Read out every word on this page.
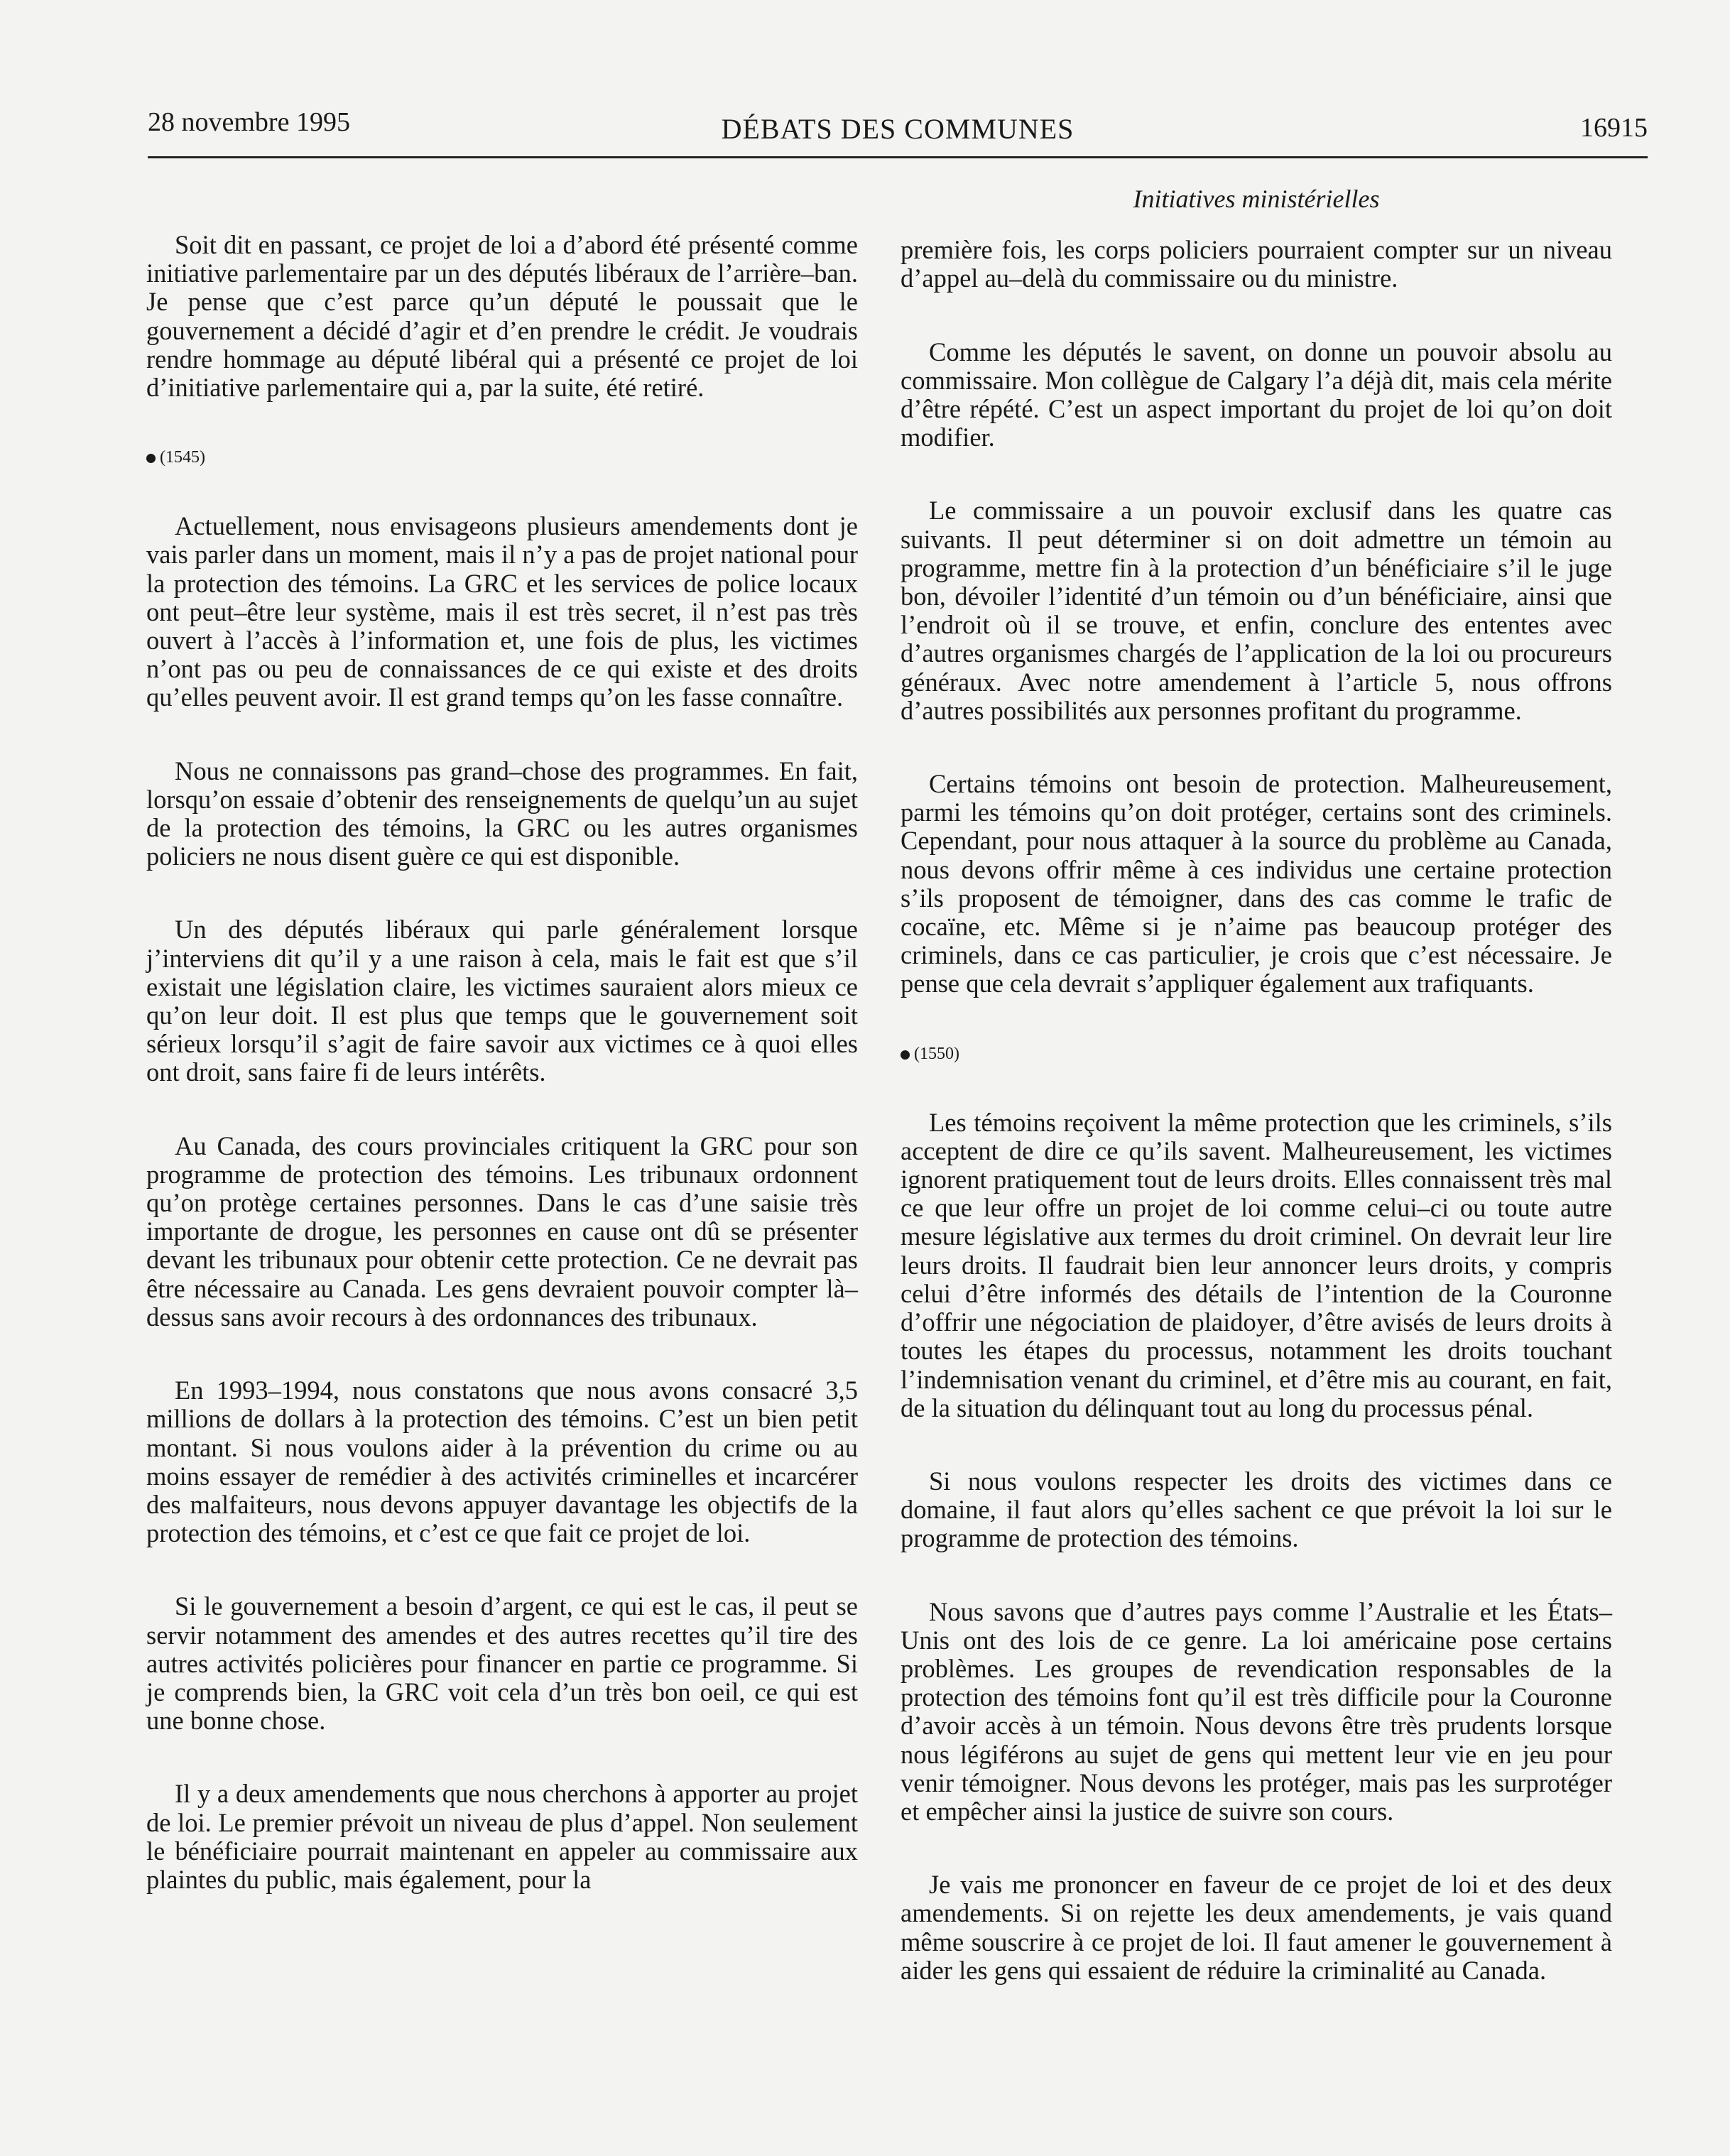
28 novembre 1995	DÉBATS DES COMMUNES	16915

Soit dit en passant, ce projet de loi a d’abord été présenté comme initiative parlementaire par un des députés libéraux de l’arrière–ban. Je pense que c’est parce qu’un député le poussait que le gouvernement a décidé d’agir et d’en prendre le crédit. Je voudrais rendre hommage au député libéral qui a présenté ce projet de loi d’initiative parlementaire qui a, par la suite, été retiré.

(1545)

Actuellement, nous envisageons plusieurs amendements dont je vais parler dans un moment, mais il n’y a pas de projet national pour la protection des témoins. La GRC et les services de police locaux ont peut–être leur système, mais il est très secret, il n’est pas très ouvert à l’accès à l’information et, une fois de plus, les victimes n’ont pas ou peu de connaissances de ce qui existe et des droits qu’elles peuvent avoir. Il est grand temps qu’on les fasse connaître.

Nous ne connaissons pas grand–chose des programmes. En fait, lorsqu’on essaie d’obtenir des renseignements de quelqu’un au sujet de la protection des témoins, la GRC ou les autres organismes policiers ne nous disent guère ce qui est disponible.

Un des députés libéraux qui parle généralement lorsque j’interviens dit qu’il y a une raison à cela, mais le fait est que s’il existait une législation claire, les victimes sauraient alors mieux ce qu’on leur doit. Il est plus que temps que le gouvernement soit sérieux lorsqu’il s’agit de faire savoir aux victimes ce à quoi elles ont droit, sans faire fi de leurs intérêts.

Au Canada, des cours provinciales critiquent la GRC pour son programme de protection des témoins. Les tribunaux ordonnent qu’on protège certaines personnes. Dans le cas d’une saisie très importante de drogue, les personnes en cause ont dû se présenter devant les tribunaux pour obtenir cette protection. Ce ne devrait pas être nécessaire au Canada. Les gens devraient pouvoir compter là–dessus sans avoir recours à des ordonnances des tribunaux.

En 1993–1994, nous constatons que nous avons consacré 3,5 millions de dollars à la protection des témoins. C’est un bien petit montant. Si nous voulons aider à la prévention du crime ou au moins essayer de remédier à des activités criminelles et incarcérer des malfaiteurs, nous devons appuyer davantage les objectifs de la protection des témoins, et c’est ce que fait ce projet de loi.

Si le gouvernement a besoin d’argent, ce qui est le cas, il peut se servir notamment des amendes et des autres recettes qu’il tire des autres activités policières pour financer en partie ce programme. Si je comprends bien, la GRC voit cela d’un très bon oeil, ce qui est une bonne chose.

Il y a deux amendements que nous cherchons à apporter au projet de loi. Le premier prévoit un niveau de plus d’appel. Non seulement le bénéficiaire pourrait maintenant en appeler au commissaire aux plaintes du public, mais également, pour la

Initiatives ministérielles

première fois, les corps policiers pourraient compter sur un niveau d’appel au–delà du commissaire ou du ministre.

Comme les députés le savent, on donne un pouvoir absolu au commissaire. Mon collègue de Calgary l’a déjà dit, mais cela mérite d’être répété. C’est un aspect important du projet de loi qu’on doit modifier.

Le commissaire a un pouvoir exclusif dans les quatre cas suivants. Il peut déterminer si on doit admettre un témoin au programme, mettre fin à la protection d’un bénéficiaire s’il le juge bon, dévoiler l’identité d’un témoin ou d’un bénéficiaire, ainsi que l’endroit où il se trouve, et enfin, conclure des ententes avec d’autres organismes chargés de l’application de la loi ou procureurs généraux. Avec notre amendement à l’article 5, nous offrons d’autres possibilités aux personnes profitant du programme.

Certains témoins ont besoin de protection. Malheureusement, parmi les témoins qu’on doit protéger, certains sont des criminels. Cependant, pour nous attaquer à la source du problème au Canada, nous devons offrir même à ces individus une certaine protection s’ils proposent de témoigner, dans des cas comme le trafic de cocaïne, etc. Même si je n’aime pas beaucoup protéger des criminels, dans ce cas particulier, je crois que c’est nécessaire. Je pense que cela devrait s’appliquer également aux trafiquants.

(1550)

Les témoins reçoivent la même protection que les criminels, s’ils acceptent de dire ce qu’ils savent. Malheureusement, les victimes ignorent pratiquement tout de leurs droits. Elles connaissent très mal ce que leur offre un projet de loi comme celui–ci ou toute autre mesure législative aux termes du droit criminel. On devrait leur lire leurs droits. Il faudrait bien leur annoncer leurs droits, y compris celui d’être informés des détails de l’intention de la Couronne d’offrir une négociation de plaidoyer, d’être avisés de leurs droits à toutes les étapes du processus, notamment les droits touchant l’indemnisation venant du criminel, et d’être mis au courant, en fait, de la situation du délinquant tout au long du processus pénal.

Si nous voulons respecter les droits des victimes dans ce domaine, il faut alors qu’elles sachent ce que prévoit la loi sur le programme de protection des témoins.

Nous savons que d’autres pays comme l’Australie et les États–Unis ont des lois de ce genre. La loi américaine pose certains problèmes. Les groupes de revendication responsables de la protection des témoins font qu’il est très difficile pour la Couronne d’avoir accès à un témoin. Nous devons être très prudents lorsque nous légiférons au sujet de gens qui mettent leur vie en jeu pour venir témoigner. Nous devons les protéger, mais pas les surprotéger et empêcher ainsi la justice de suivre son cours.

Je vais me prononcer en faveur de ce projet de loi et des deux amendements. Si on rejette les deux amendements, je vais quand même souscrire à ce projet de loi. Il faut amener le gouvernement à aider les gens qui essaient de réduire la criminalité au Canada.
